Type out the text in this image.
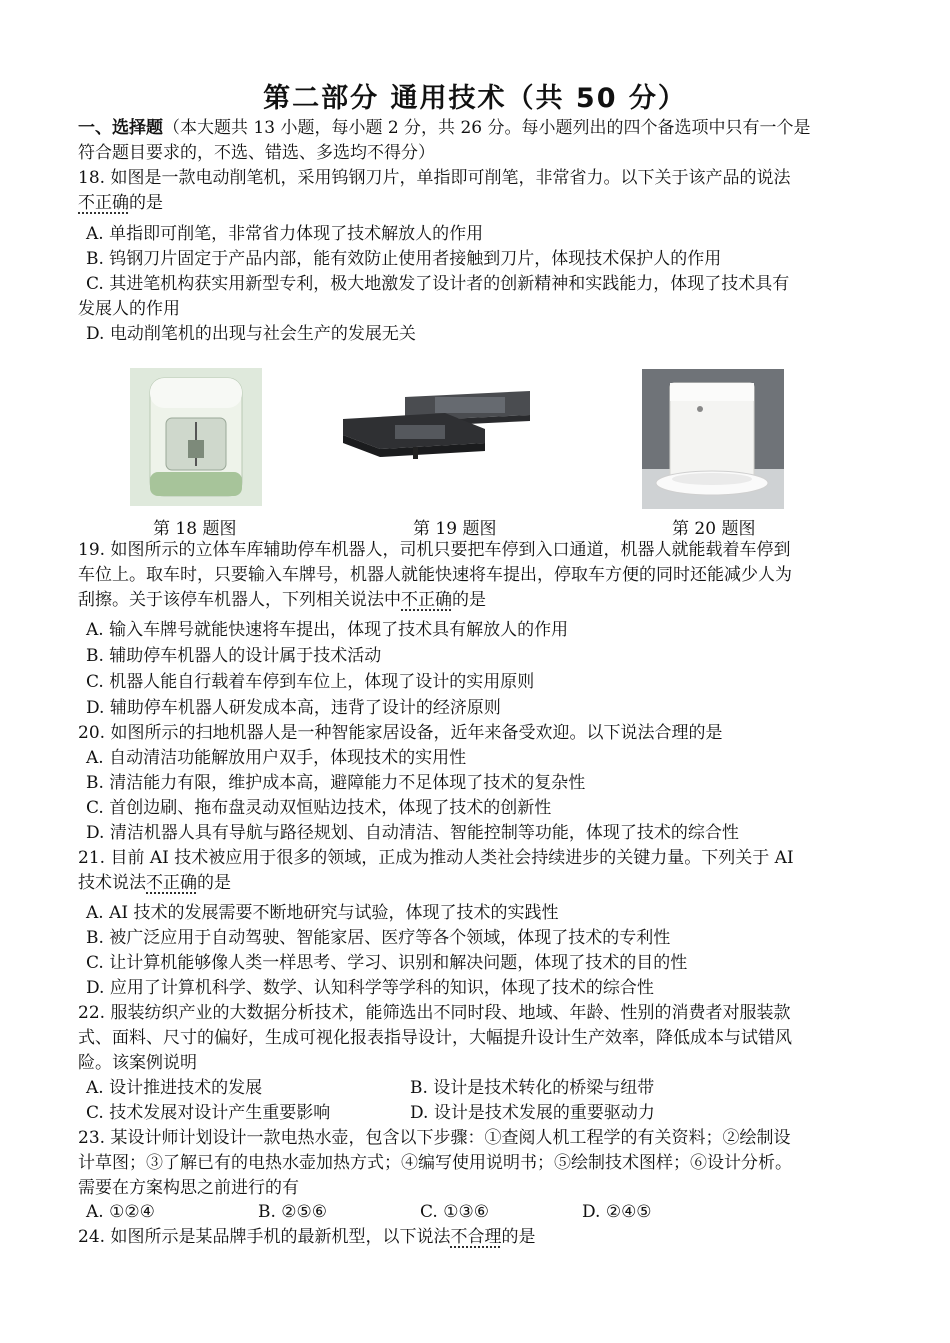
第二部分 通用技术（共 50 分）
一、选择题（本大题共 13 小题，每小题 2 分，共 26 分。每小题列出的四个备选项中只有一个是
符合题目要求的，不选、错选、多选均不得分）
18. 如图是一款电动削笔机，采用钨钢刀片，单指即可削笔，非常省力。以下关于该产品的说法
不正确的是
A. 单指即可削笔，非常省力体现了技术解放人的作用
B. 钨钢刀片固定于产品内部，能有效防止使用者接触到刀片，体现技术保护人的作用
C. 其进笔机构获实用新型专利，极大地激发了设计者的创新精神和实践能力，体现了技术具有
发展人的作用
D. 电动削笔机的出现与社会生产的发展无关
第 18 题图	第 19 题图	第 20 题图
19. 如图所示的立体车库辅助停车机器人，司机只要把车停到入口通道，机器人就能载着车停到
车位上。取车时，只要输入车牌号，机器人就能快速将车提出，停取车方便的同时还能减少人为
刮擦。关于该停车机器人，下列相关说法中不正确的是
A. 输入车牌号就能快速将车提出，体现了技术具有解放人的作用
B. 辅助停车机器人的设计属于技术活动
C. 机器人能自行载着车停到车位上，体现了设计的实用原则
D. 辅助停车机器人研发成本高，违背了设计的经济原则
20. 如图所示的扫地机器人是一种智能家居设备，近年来备受欢迎。以下说法合理的是
A. 自动清洁功能解放用户双手，体现技术的实用性
B. 清洁能力有限，维护成本高，避障能力不足体现了技术的复杂性
C. 首创边刷、拖布盘灵动双恒贴边技术，体现了技术的创新性
D. 清洁机器人具有导航与路径规划、自动清洁、智能控制等功能，体现了技术的综合性
21. 目前 AI 技术被应用于很多的领域，正成为推动人类社会持续进步的关键力量。下列关于 AI
技术说法不正确的是
A. AI 技术的发展需要不断地研究与试验，体现了技术的实践性
B. 被广泛应用于自动驾驶、智能家居、医疗等各个领域，体现了技术的专利性
C. 让计算机能够像人类一样思考、学习、识别和解决问题，体现了技术的目的性
D. 应用了计算机科学、数学、认知科学等学科的知识，体现了技术的综合性
22. 服装纺织产业的大数据分析技术，能筛选出不同时段、地域、年龄、性别的消费者对服装款
式、面料、尺寸的偏好，生成可视化报表指导设计，大幅提升设计生产效率，降低成本与试错风
险。该案例说明
A. 设计推进技术的发展	B. 设计是技术转化的桥梁与纽带
C. 技术发展对设计产生重要影响	D. 设计是技术发展的重要驱动力
23. 某设计师计划设计一款电热水壶，包含以下步骤：①查阅人机工程学的有关资料；②绘制设
计草图；③了解已有的电热水壶加热方式；④编写使用说明书；⑤绘制技术图样；⑥设计分析。
需要在方案构思之前进行的有
A. ①②④	B. ②⑤⑥	C. ①③⑥	D. ②④⑤
24. 如图所示是某品牌手机的最新机型，以下说法不合理的是
